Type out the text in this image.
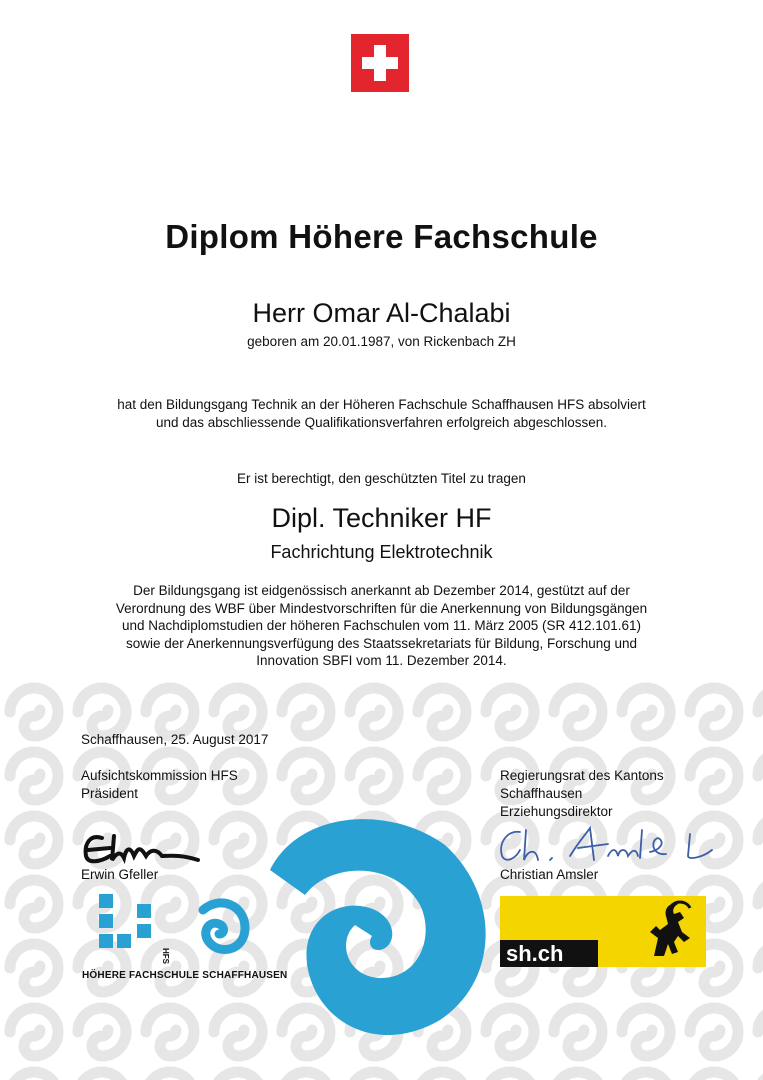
Diplom Höhere Fachschule
Herr Omar Al-Chalabi
geboren am 20.01.1987, von Rickenbach ZH
hat den Bildungsgang Technik an der Höheren Fachschule Schaffhausen HFS absolviert
und das abschliessende Qualifikationsverfahren erfolgreich abgeschlossen.
Er ist berechtigt, den geschützten Titel zu tragen
Dipl. Techniker HF
Fachrichtung Elektrotechnik
Der Bildungsgang ist eidgenössisch anerkannt ab Dezember 2014, gestützt auf der
Verordnung des WBF über Mindestvorschriften für die Anerkennung von Bildungsgängen
und Nachdiplomstudien der höheren Fachschulen vom 11. März 2005 (SR 412.101.61)
sowie der Anerkennungsverfügung des Staatssekretariats für Bildung, Forschung und
Innovation SBFI vom 11. Dezember 2014.
Schaffhausen, 25. August 2017
Aufsichtskommission HFS
Präsident
Regierungsrat des Kantons
Schaffhausen
Erziehungsdirektor
Erwin Gfeller	Christian Amsler
HFS
HÖHERE FACHSCHULE SCHAFFHAUSEN
sh.ch
